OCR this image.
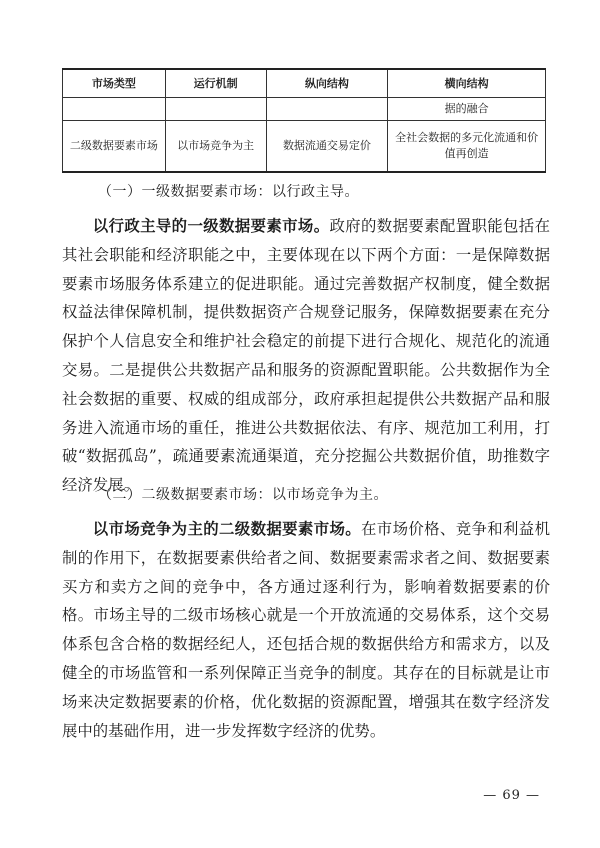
市场类型	运行机制	纵向结构	横向结构
			据的融合
二级数据要素市场	以市场竞争为主	数据流通交易定价	全社会数据的多元化流通和价值再创造
（一）一级数据要素市场：以行政主导。

以行政主导的一级数据要素市场。政府的数据要素配置职能包括在其社会职能和经济职能之中，主要体现在以下两个方面：一是保障数据要素市场服务体系建立的促进职能。通过完善数据产权制度，健全数据权益法律保障机制，提供数据资产合规登记服务，保障数据要素在充分保护个人信息安全和维护社会稳定的前提下进行合规化、规范化的流通交易。二是提供公共数据产品和服务的资源配置职能。公共数据作为全社会数据的重要、权威的组成部分，政府承担起提供公共数据产品和服务进入流通市场的重任，推进公共数据依法、有序、规范加工利用，打破“数据孤岛”，疏通要素流通渠道，充分挖掘公共数据价值，助推数字经济发展。

（二）二级数据要素市场：以市场竞争为主。

以市场竞争为主的二级数据要素市场。在市场价格、竞争和利益机制的作用下，在数据要素供给者之间、数据要素需求者之间、数据要素买方和卖方之间的竞争中，各方通过逐利行为，影响着数据要素的价格。市场主导的二级市场核心就是一个开放流通的交易体系，这个交易体系包含合格的数据经纪人，还包括合规的数据供给方和需求方，以及健全的市场监管和一系列保障正当竞争的制度。其存在的目标就是让市场来决定数据要素的价格，优化数据的资源配置，增强其在数字经济发展中的基础作用，进一步发挥数字经济的优势。

— 69 —
